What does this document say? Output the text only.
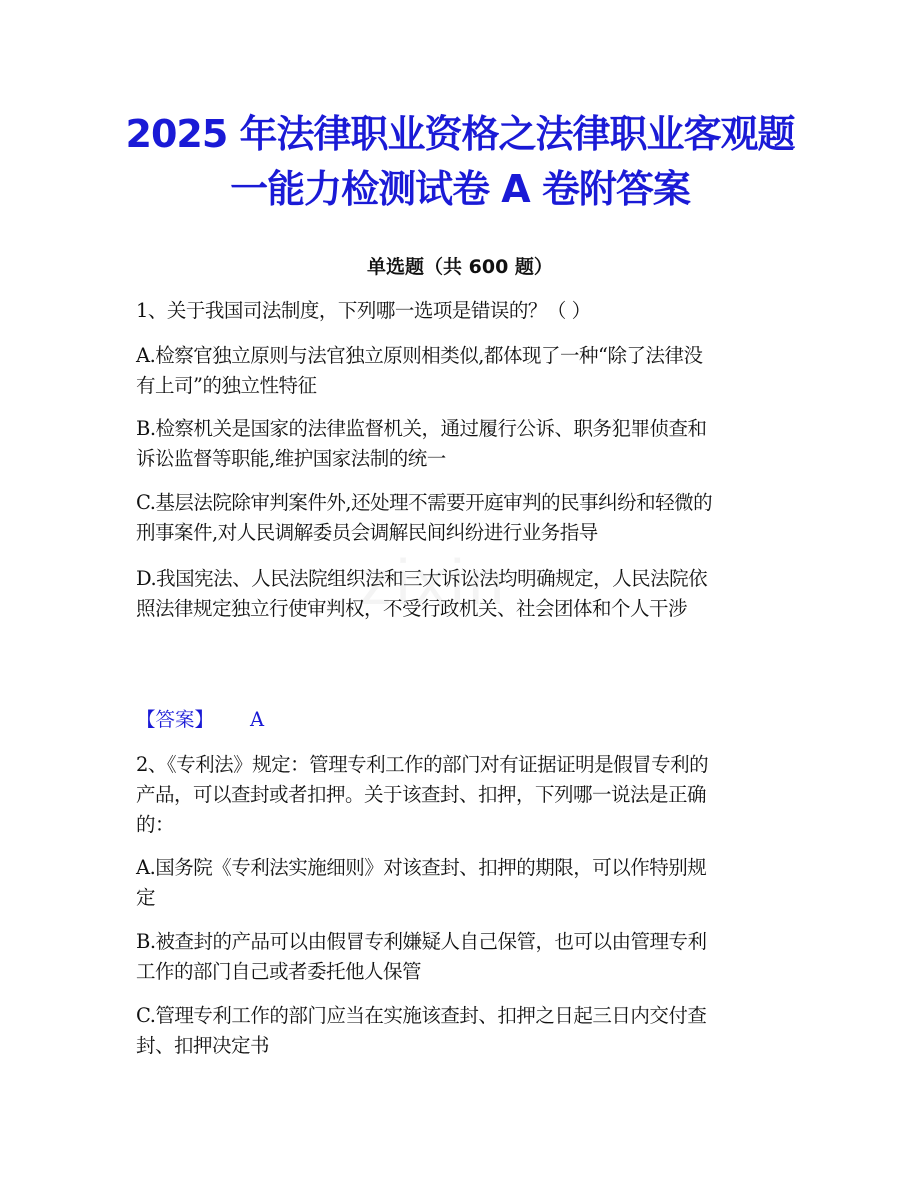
2025 年法律职业资格之法律职业客观题
一能力检测试卷 A 卷附答案
单选题（共 600 题）
1、关于我国司法制度，下列哪一选项是错误的？（ ）
A.检察官独立原则与法官独立原则相类似,都体现了一种“除了法律没
有上司”的独立性特征
B.检察机关是国家的法律监督机关，通过履行公诉、职务犯罪侦查和
诉讼监督等职能,维护国家法制的统一
C.基层法院除审判案件外,还处理不需要开庭审判的民事纠纷和轻微的
刑事案件,对人民调解委员会调解民间纠纷进行业务指导
D.我国宪法、人民法院组织法和三大诉讼法均明确规定，人民法院依
照法律规定独立行使审判权，不受行政机关、社会团体和个人干涉
【答案】 A
2、《专利法》规定：管理专利工作的部门对有证据证明是假冒专利的
产品，可以查封或者扣押。关于该查封、扣押，下列哪一说法是正确
的：
A.国务院《专利法实施细则》对该查封、扣押的期限，可以作特别规
定
B.被查封的产品可以由假冒专利嫌疑人自己保管，也可以由管理专利
工作的部门自己或者委托他人保管
C.管理专利工作的部门应当在实施该查封、扣押之日起三日内交付查
封、扣押决定书
